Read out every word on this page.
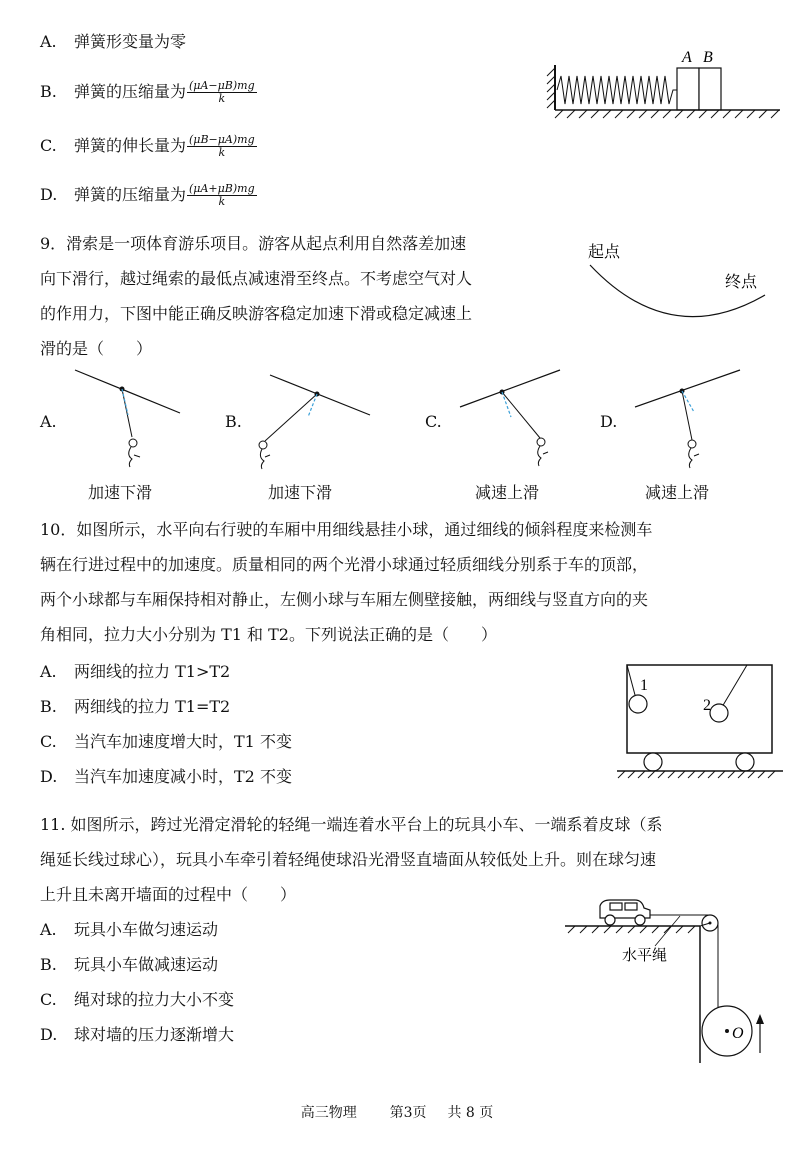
A. 弹簧形变量为零
B. 弹簧的压缩量为 $\frac{(\mu A-\mu B)mg}{k}$
C. 弹簧的伸长量为 $\frac{(\mu B-\mu A)mg}{k}$
D. 弹簧的压缩量为 $\frac{(\mu A+\mu B)mg}{k}$
A B
9．滑索是一项体育游乐项目。游客从起点利用自然落差加速
向下滑行，越过绳索的最低点减速滑至终点。不考虑空气对人
的作用力，下图中能正确反映游客稳定加速下滑或稳定减速上
滑的是（　　）
起点
终点
A.
加速下滑
B.
加速下滑
C.
减速上滑
D.
减速上滑
10．如图所示，水平向右行驶的车厢中用细线悬挂小球，通过细线的倾斜程度来检测车
辆在行进过程中的加速度。质量相同的两个光滑小球通过轻质细线分别系于车的顶部，
两个小球都与车厢保持相对静止，左侧小球与车厢左侧壁接触，两细线与竖直方向的夹
角相同，拉力大小分别为 T1 和 T2。下列说法正确的是（　　）
A. 两细线的拉力 T1>T2
B. 两细线的拉力 T1=T2
C. 当汽车加速度增大时，T1 不变
D. 当汽车加速度减小时，T2 不变
1
2
11. 如图所示，跨过光滑定滑轮的轻绳一端连着水平台上的玩具小车、一端系着皮球（系
绳延长线过球心），玩具小车牵引着轻绳使球沿光滑竖直墙面从较低处上升。则在球匀速
上升且未离开墙面的过程中（　　）
A. 玩具小车做匀速运动
B. 玩具小车做减速运动
C. 绳对球的拉力大小不变
D. 球对墙的压力逐渐增大	O
水平绳
高三物理 第3页 共 8 页
